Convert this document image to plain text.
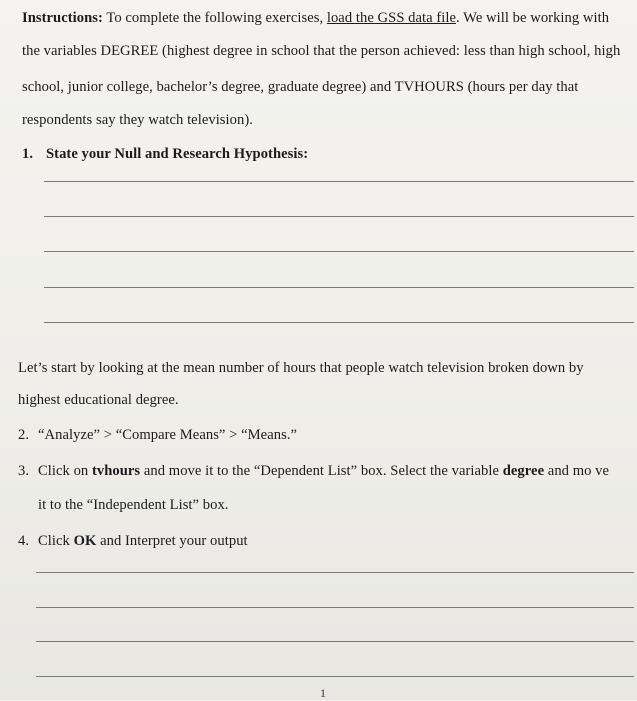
Instructions: To complete the following exercises, load the GSS data file. We will be working with
the variables DEGREE (highest degree in school that the person achieved: less than high school, high
school, junior college, bachelor’s degree, graduate degree) and TVHOURS (hours per day that
respondents say they watch television).
1. State your Null and Research Hypothesis:
Let’s start by looking at the mean number of hours that people watch television broken down by
highest educational degree.
2. “Analyze” > “Compare Means” > “Means.”
3. Click on tvhours and move it to the “Dependent List” box. Select the variable degree and mo ve
it to the “Independent List” box.
4. Click OK and Interpret your output
1
